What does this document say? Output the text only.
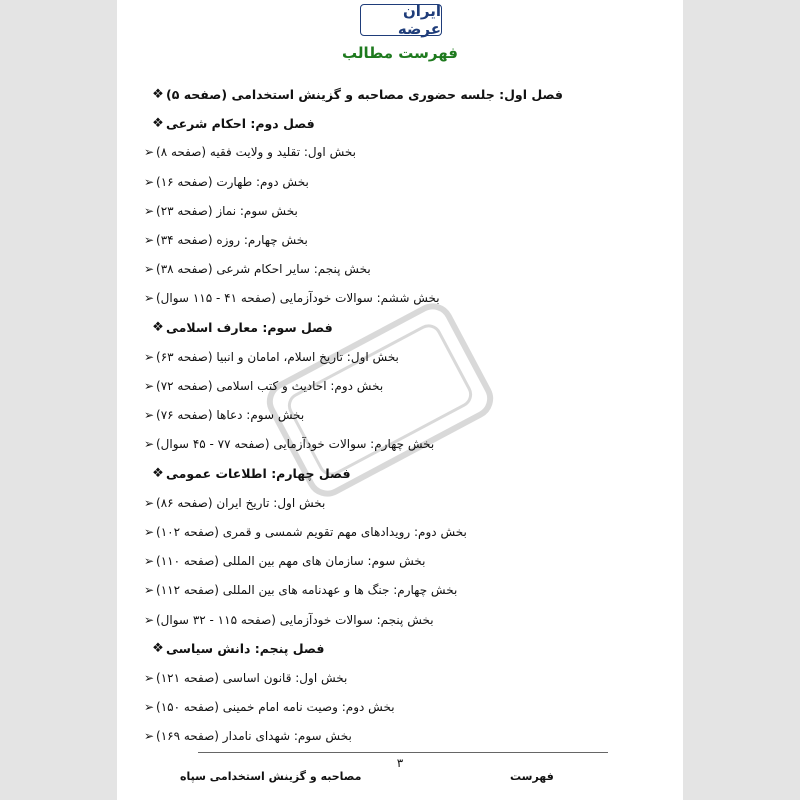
ایران عرضه
فهرست مطالب
❖ فصل اول: جلسه حضوری مصاحبه و گزینش استخدامی (صفحه ۵)
❖ فصل دوم: احکام شرعی
➢ بخش اول: تقلید و ولایت فقیه (صفحه ۸)
➢ بخش دوم: طهارت (صفحه ۱۶)
➢ بخش سوم: نماز (صفحه ۲۳)
➢ بخش چهارم: روزه (صفحه ۳۴)
➢ بخش پنجم: سایر احکام شرعی (صفحه ۳۸)
➢ بخش ششم: سوالات خودآزمایی (صفحه ۴۱ - ۱۱۵ سوال)
❖ فصل سوم: معارف اسلامی
➢ بخش اول: تاریخ اسلام، امامان و انبیا (صفحه ۶۳)
➢ بخش دوم: احادیث و کتب اسلامی (صفحه ۷۲)
➢ بخش سوم: دعاها (صفحه ۷۶)
➢ بخش چهارم: سوالات خودآزمایی (صفحه ۷۷ - ۴۵ سوال)
❖ فصل چهارم: اطلاعات عمومی
➢ بخش اول: تاریخ ایران (صفحه ۸۶)
➢ بخش دوم: رویدادهای مهم تقویم شمسی و قمری (صفحه ۱۰۲)
➢ بخش سوم: سازمان های مهم بین المللی (صفحه ۱۱۰)
➢ بخش چهارم: جنگ ها و عهدنامه های بین المللی (صفحه ۱۱۲)
➢ بخش پنجم: سوالات خودآزمایی (صفحه ۱۱۵ - ۳۲ سوال)
❖ فصل پنجم: دانش سیاسی
➢ بخش اول: قانون اساسی (صفحه ۱۲۱)
➢ بخش دوم: وصیت نامه امام خمینی (صفحه ۱۵۰)
➢ بخش سوم: شهدای نامدار (صفحه ۱۶۹)
۳
مصاحبه و گزینش استخدامی سپاه	فهرست
